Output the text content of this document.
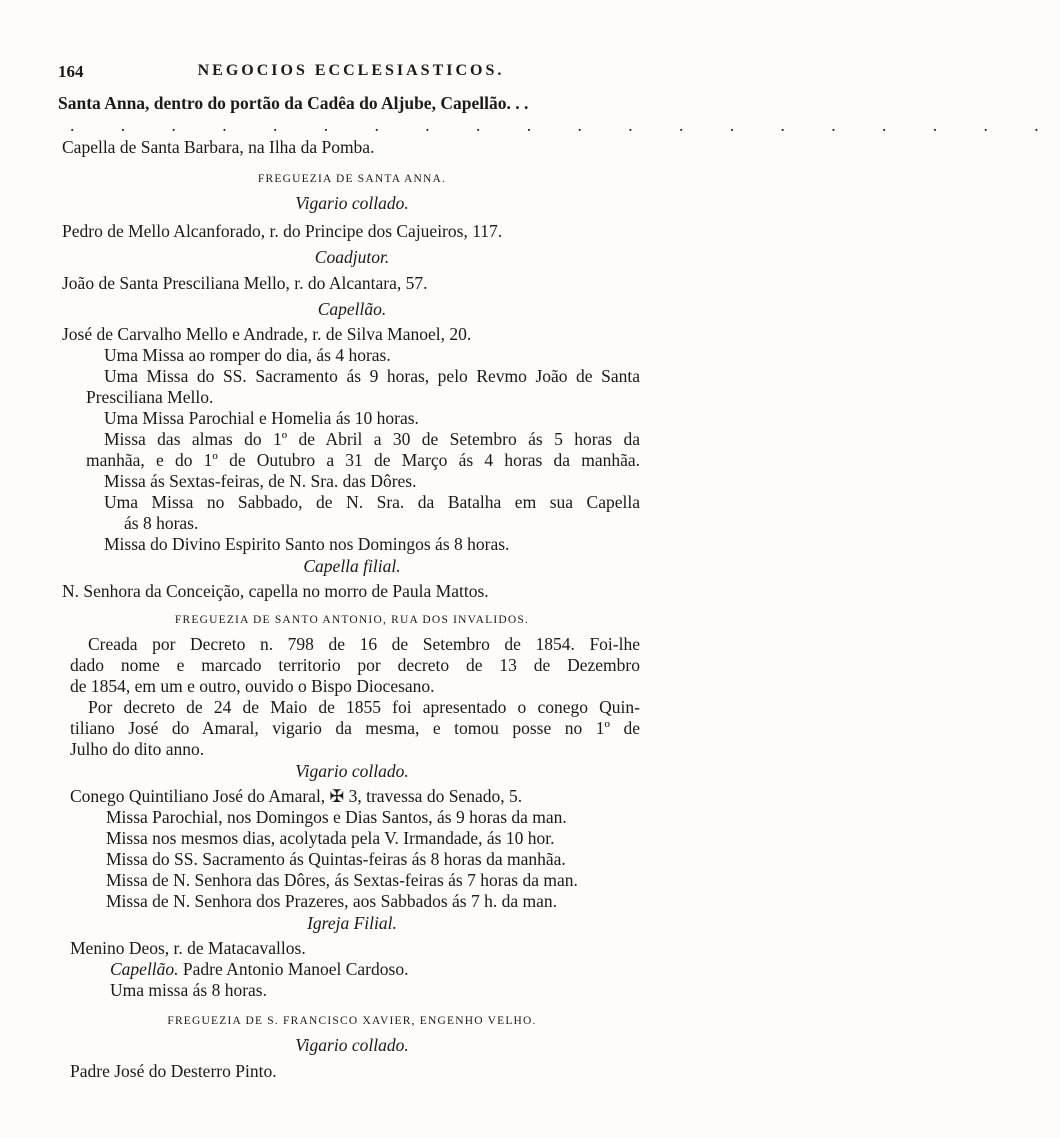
164	NEGOCIOS ECCLESIASTICOS.
Santa Anna, dentro do portão da Cadêa do Aljube, Capellão. . .
. . . . . . . . . . . . . . . . . . . .
Capella de Santa Barbara, na Ilha da Pomba.
FREGUEZIA DE SANTA ANNA.
Vigario collado.
Pedro de Mello Alcanforado, r. do Principe dos Cajueiros, 117.
Coadjutor.
João de Santa Presciliana Mello, r. do Alcantara, 57.
Capellão.
José de Carvalho Mello e Andrade, r. de Silva Manoel, 20.
Uma Missa ao romper do dia, ás 4 horas.
Uma Missa do SS. Sacramento ás 9 horas, pelo Revmo João de Santa
Presciliana Mello.
Uma Missa Parochial e Homelia ás 10 horas.
Missa das almas do 1º de Abril a 30 de Setembro ás 5 horas da
manhãa, e do 1º de Outubro a 31 de Março ás 4 horas da manhãa.
Missa ás Sextas-feiras, de N. Sra. das Dôres.
Uma Missa no Sabbado, de N. Sra. da Batalha em sua Capella
ás 8 horas.
Missa do Divino Espirito Santo nos Domingos ás 8 horas.
Capella filial.
N. Senhora da Conceição, capella no morro de Paula Mattos.
FREGUEZIA DE SANTO ANTONIO, RUA DOS INVALIDOS.
Creada por Decreto n. 798 de 16 de Setembro de 1854. Foi-lhe
dado nome e marcado territorio por decreto de 13 de Dezembro
de 1854, em um e outro, ouvido o Bispo Diocesano.
Por decreto de 24 de Maio de 1855 foi apresentado o conego Quin-
tiliano José do Amaral, vigario da mesma, e tomou posse no 1º de
Julho do dito anno.
Vigario collado.
Conego Quintiliano José do Amaral, ✠ 3, travessa do Senado, 5.
Missa Parochial, nos Domingos e Dias Santos, ás 9 horas da man.
Missa nos mesmos dias, acolytada pela V. Irmandade, ás 10 hor.
Missa do SS. Sacramento ás Quintas-feiras ás 8 horas da manhãa.
Missa de N. Senhora das Dôres, ás Sextas-feiras ás 7 horas da man.
Missa de N. Senhora dos Prazeres, aos Sabbados ás 7 h. da man.
Igreja Filial.
Menino Deos, r. de Matacavallos.
Capellão. Padre Antonio Manoel Cardoso.
Uma missa ás 8 horas.
FREGUEZIA DE S. FRANCISCO XAVIER, ENGENHO VELHO.
Vigario collado.
Padre José do Desterro Pinto.
